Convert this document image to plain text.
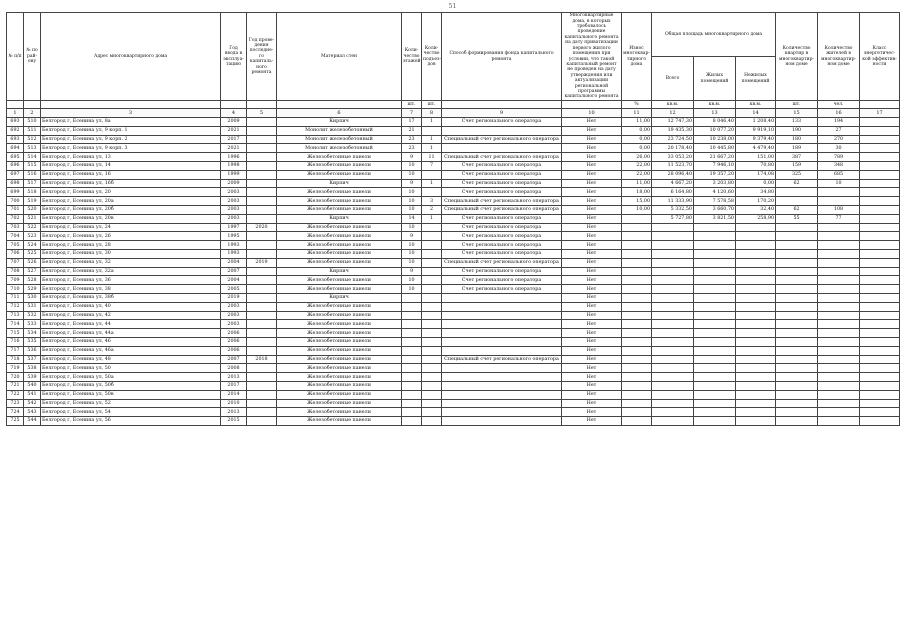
51
№ п/п	№ по рай-ону	Адрес многоквартирного дома	Год ввода в эксплуа-тацию	Год прове-дения последне-го капиталь-ного ремонта	Материал стен	Коли-чество этажей	Коли-чество подъез-дов	Способ формирования фонда капитального ремонта	Многоквартирные дома, в которых требовалось проведение капитального ремонта на дату приватизации первого жилого помещения при условии, что такой капитальный ремонт не проведен на дату утверждения или актуализации региональной программы капитального ремонта	Износ многоквар-тирного дома	Общая площадь многоквартирного дома			Количество квартир в многоквартир-ном доме	Количество жителей в многоквартир-ном доме	Класс энергетичес-кой эффектив-ности
											Всего	Жилых помещений	Нежилых помещений			
						шт.	шт.			%	кв.м.	кв.м.	кв.м.	шт.	чел.	
1	2	3	4	5	6	7	8	9	10	11	12	13	14	15	16	17
693	510	Белгород г, Есенина ул, 8а	2009		Кирпич	17	1	Счет регионального оператора	Нет	11,00	12 747,30	8 046,40	1 208,40	133	194	
692	511	Белгород г, Есенина ул, 9 корп. 1	2021		Монолит железобетонный	21			Нет	0,00	19 435,30	10 077,20	9 919,10	190	27	
693	512	Белгород г, Есенина ул, 9 корп. 2	2017		Монолит железобетонный	23	1	Специальный счет регионального оператора	Нет	0,00	23 724,50	10 238,00	9 379,40	180	270	
694	513	Белгород г, Есенина ул, 9 корп. 3	2021		Монолит железобетонный	23	1		Нет	0,00	20 178,40	10 445,80	4 479,40	189	30	
695	514	Белгород г, Есенина ул, 13	1996		Железобетонные панели	9	11	Специальный счет регионального оператора	Нет	26,00	33 053,20	21 667,20	151,00	387	789	
696	515	Белгород г, Есенина ул, 14	1998		Железобетонные панели	10	7	Счет регионального оператора	Нет	22,00	11 523,70	7 946,10	70,80	159	348	
697	516	Белгород г, Есенина ул, 16	1999		Железобетонные панели	10		Счет регионального оператора	Нет	22,00	28 096,40	19 357,20	174,08	325	685	
698	517	Белгород г, Есенина ул, 16б	2009		Кирпич	9	1	Счет регионального оператора	Нет	11,00	4 667,20	3 203,80	0,00	62	10	
699	518	Белгород г, Есенина ул, 20	2003		Железобетонные панели	10		Счет регионального оператора	Нет	18,00	6 164,80	4 120,60	34,80			
700	519	Белгород г, Есенина ул, 20а	2003		Железобетонные панели	10	3	Специальный счет регионального оператора	Нет	15,00	11 333,90	7 578,58	170,20			
701	520	Белгород г, Есенина ул, 20б	2003		Железобетонные панели	10	2	Специальный счет регионального оператора	Нет	10,00	5 332,50	3 660,70	32,40	62	108	
702	521	Белгород г, Есенина ул, 20в	2003		Кирпич	14	1	Счет регионального оператора	Нет		5 727,80	3 821,50	258,90	55	77	
703	522	Белгород г, Есенина ул, 24	1997	2020	Железобетонные панели	10		Счет регионального оператора	Нет							
704	523	Белгород г, Есенина ул, 26	1995		Железобетонные панели	9		Счет регионального оператора	Нет							
705	524	Белгород г, Есенина ул, 28	1993		Железобетонные панели	10		Счет регионального оператора	Нет							
706	525	Белгород г, Есенина ул, 30	1993		Железобетонные панели	10		Счет регионального оператора	Нет							
707	526	Белгород г, Есенина ул, 32	2004	2019	Железобетонные панели	10		Специальный счет регионального оператора	Нет							
708	527	Белгород г, Есенина ул, 32а	2007		Кирпич	9		Счет регионального оператора	Нет							
709	528	Белгород г, Есенина ул, 36	2004		Железобетонные панели	10		Счет регионального оператора	Нет							
710	529	Белгород г, Есенина ул, 38	2005		Железобетонные панели	10		Счет регионального оператора	Нет							
711	530	Белгород г, Есенина ул, 38б	2019		Кирпич				Нет							
712	531	Белгород г, Есенина ул, 40	2003		Железобетонные панели				Нет							
713	532	Белгород г, Есенина ул, 42	2003		Железобетонные панели				Нет							
714	533	Белгород г, Есенина ул, 44	2003		Железобетонные панели				Нет							
715	534	Белгород г, Есенина ул, 44а	2006		Железобетонные панели				Нет							
716	535	Белгород г, Есенина ул, 46	2006		Железобетонные панели				Нет							
717	536	Белгород г, Есенина ул, 46а	2006		Железобетонные панели				Нет							
718	537	Белгород г, Есенина ул, 48	2007	2018	Железобетонные панели			Специальный счет регионального оператора	Нет							
719	538	Белгород г, Есенина ул, 50	2008		Железобетонные панели				Нет							
720	539	Белгород г, Есенина ул, 50а	2013		Железобетонные панели				Нет							
721	540	Белгород г, Есенина ул, 50б	2017		Железобетонные панели				Нет							
722	541	Белгород г, Есенина ул, 50в	2014		Железобетонные панели				Нет							
723	542	Белгород г, Есенина ул, 52	2010		Железобетонные панели				Нет							
724	543	Белгород г, Есенина ул, 54	2013		Железобетонные панели				Нет							
725	544	Белгород г, Есенина ул, 56	2015		Железобетонные панели				Нет							
